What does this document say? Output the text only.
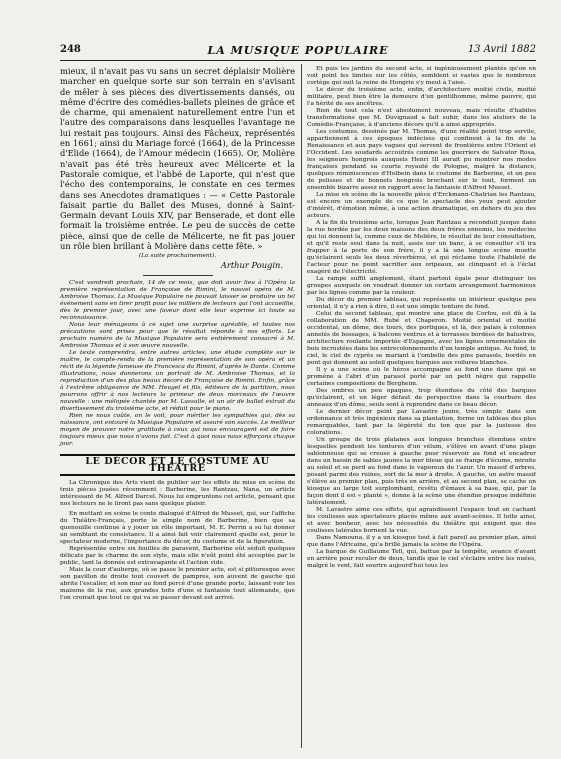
248	LA MUSIQUE POPULAIRE	13 Avril 1882

mieux, il n'avait pas vu sans un secret déplaisir Molière marcher en quelque sorte sur son terrain en s'avisant de mêler à ses pièces des divertissements dansés, ou même d'écrire des comédies-ballets pleines de grâce et de charme, qui amenaient naturellement entre l'un et l'autre des comparaisons dans lesquelles l'avantage ne lui restait pas toujours. Ainsi des Fâcheux, représentés en 1661; ainsi du Mariage forcé (1664), de la Princesse d'Elide (1664), de l'Amour médecin (1665). Or, Molière n'avait pas été très heureux avec Mélicerte et la Pastorale comique, et l'abbé de Laporte, qui n'est que l'écho des contemporains, le constate en ces termes dans ses Anecdotes dramatiques : — « Cette Pastorale faisait partie du Ballet des Muses, donné à Saint-Germain devant Louis XIV, par Benserade, et dont elle formait la troisième entrée. Le peu de succès de cette pièce, ainsi que de celle de Mélicerte, ne fit pas jouer un rôle bien brillant à Molière dans cette fête. »

(La suite prochainement).
Arthur Pougin.

C'est vendredi prochain, 14 de ce mois, que doit avoir lieu à l'Opéra la première représentation de Françoise de Rimini, le nouvel opéra de M. Ambroise Thomas. La Musique Populaire ne pouvait laisser se produire un tel événement sans en tirer profit pour les milliers de lecteurs qui l'ont accueillie, dès le premier jour, avec une faveur dont elle leur exprime ici toute sa reconnaissance.

Nous leur ménageons à ce sujet une surprise agréable, et toutes nos précautions sont prises pour que le résultat réponde à nos efforts. Le prochain numéro de la Musique Populaire sera entièrement consacré à M. Ambroise Thomas et à son œuvre nouvelle.

Le texte comprendra, entre autres articles, une étude complète sur le maître, le compte-rendu de la première représentation de son opéra et un récit de la légende fameuse de Francesca da Rimini, d'après le Dante. Comme illustrations, nous donnerons un portrait de M. Ambroise Thomas, et la reproduction d'un des plus beaux décors de Françoise de Rimini. Enfin, grâce à l'extrême obligeance de MM. Heugel et fils, éditeurs de la partition, nous pourrons offrir à nos lecteurs la primeur de deux morceaux de l'œuvre nouvelle : une mélopée chantée par M. Lassalle, et un air de ballet extrait du divertissement du troisième acte, et réduit pour le piano.

Rien ne nous coûte, on le voit, pour mériter les sympathies qui, dès sa naissance, ont entouré la Musique Populaire et assuré son succès. Le meilleur moyen de prouver notre gratitude à ceux qui nous encouragent est de faire toujours mieux que nous n'avons fait. C'est à quoi nous nous efforçons chaque jour.

LE DÉCOR ET LE COSTUME AU THÉATRE

La Chronique des Arts vient de publier sur les effets de mise en scène de trois pièces jouées récemment : Barberine, les Rantzau, Nana, un article intéressant de M. Alfred Darcel. Nous lui empruntons cet article, pensant que nos lecteurs ne le liront pas sans quelque plaisir.

En mettant en scène le conte dialogué d'Alfred de Musset, qui, sur l'affiche du Théâtre-Français, porte le simple nom de Barberine, bien que sa quenouille continue à y jouer un rôle important, M. E. Perrin a su lui donner un semblant de consistance. Il a ainsi fait voir clairement quelle est, pour le spectateur moderne, l'importance du décor, du costume et de la figuration.

Représentée entre six feuilles de paravent, Barberine eût séduit quelques délicats par le charme de son style, mais elle n'eût point été acceptée par le public, tant la donnée est extravagante et l'action vide.

Mais la cour d'auberge, où se passe le premier acte, est si pittoresque avec son pavillon de droite tout couvert de pampres, son auvent de gauche qui abrite l'escalier, et son mur au fond percé d'une grande porte, laissant voir les maisons de la rue, aux grandes toits d'une si fantaisie tout allemande, que l'on croirait que tout ce qui va se passer devant est arrivé.

Et puis les jardins du second acte, si ingénieusement plantés qu'on en voit point les limites sur les côtés, semblent si vastes que le nombreux cortège qui suit la reine de Hongrie s'y meut à l'aise.

Le décor du troisième acte, enfin, d'architecture moitié civile, moitié militaire, peut bien être la demeure d'un gentilhomme, même pauvre, qui l'a hérité de ses ancêtres.

Rien de tout cela n'est absolument nouveau, mais résulte d'habiles transformations que M. Duvignaud a fait subir, dans les ateliers de la Comédie-Française, à d'anciens décors qu'il a ainsi appropriés.

Les costumes, dessinés par M. Thomas, d'une réalité point trop servile, appartiennent à ces époques indécises qui confinent à la fin de la Renaissance et aux pays vagues qui servent de frontières entre l'Orient et l'Occident. Les soudards accoutrés comme les guerriers de Salvator Rosa, les seigneurs hongrois auxquels Henri III aurait pu montrer nos modes françaises pendant sa courte royauté de Pologne, malgré la distance, quelques réminiscences d'Holbein dans le costume de Barberine, et un peu de pelisses et de bonnets hongrois brochant sur le tout, forment un ensemble bizarre assez en rapport avec la fantaisie d'Alfred Musset.

La mise en scène de la nouvelle pièce d'Erckmann-Chatrian les Rantzau, est encore un exemple de ce que le spectacle des yeux peut ajouter d'intérêt, d'émotion même, à une action dramatique, en dehors du jeu des acteurs.

A la fin du troisième acte, lorsque Jean Rantzau a reconduit jusque dans la rue bordée par les deux maisons des deux frères ennemis, les médecins qui lui donnent la, comme ceux de Molière, le résultat de leur consultation, et qu'il reste seul dans la nuit, assis sur un banc, à se consulter s'il ira frapper à la porte de son frère, il y a là une longue scène muette qu'éclairent seuls les deux réverbères, et qui réclame toute l'habileté de l'acteur pour ne point sacrifier aux oripeaux, au clinquant et à l'éclat exagéré de l'électricité.

La rampe suffit amplement, étant partout égale pour distinguer les groupes auxquels on voudrait donner un certain arrangement harmonieux par les lignes comme par la couleur.

Du décor du premier tableau, qui représente un intérieur quelque peu oriental, il n'y a rien à dire, il est une simple tenture de fond.

Celui du second tableau, qui montre une place de Corfou, est dû à la collaboration de MM. Rubé et Chaperon. Moitié oriental et moitié occidental, un dôme, des tours, des portiques, et là, des palais à colonnes annelés de bossages, à balcons ventrus et à terrasses bordées de balustres, architecture roulante importée d'Espagne, avec les lignes ornementales de bois incrustées dans les entrecolonnements d'un temple antique. Au fond, le ciel, le ciel de cyprès se mariant à l'ombelle des pins parasols, bordés en pont qui donnent au soleil quelques barques aux voilures blanches.

Il y a une scène où le héros accompagne au fond une dame qui se promène à l'abri d'un parasol porté par un petit nègre qui rappelle certaines compositions de Bergheim.

Des ombres un peu opaques, trop étendues du côté des barques qu'éclairent, et un léger défaut de perspective dans la courbure des anneaux d'un dôme, seuls sont à reprendre dans ce beau décor.

Le dernier décor peint par Lavastre jeune, très simple dans son ordonnance et très ingénieux dans sa plantation, forme un tableau des plus remarquables, tant par la légèreté du ton que par la justesse des colorations.

Un groupe de trois platanes aux longues branches étendues entre lesquelles pendent les tentures d'un vélum, s'élève en avant d'une plage sablonneuse qui se creuse à gauche pour réservoir au fond et encadrer dans un bassin de sables jaunes la mer bleue qui se frange d'écume, miroite au soleil et se perd au fond dans le vaporeux de l'azur. Un massif d'arbres, posant parmi des ruines, sort de la mer à droite. A gauche, un autre massif s'élève au premier plan, puis très en arrière, et au second plan, se cache un kiosque au large toit surplombant, revêtu d'émaux à sa base, qui, par la façon dont il est « planté », donne à la scène une étendue presque indéfinie latéralement.

M. Lavastre aime ces effets, qui agrandissent l'espace tout en cachant les coulisses aux spectateurs placés même aux avant-scènes. Il lutte ainsi, et avec bonheur, avec les nécessités du théâtre qui exigent que des coulisses latérales bornent la vue.

Dans Namouna, il y a un kiosque tout à fait pareil au premier plan, ainsi que dans l'Africaine, qu'a brillé jamais la scène de l'Opéra.

La barque de Guillaume Tell, qui, battue par la tempête, avance d'avant en arrière pour reculer de deux, tandis que le ciel s'éclaire entre les nuées, malgré le vent, fait sourire aujourd'hui tous les
